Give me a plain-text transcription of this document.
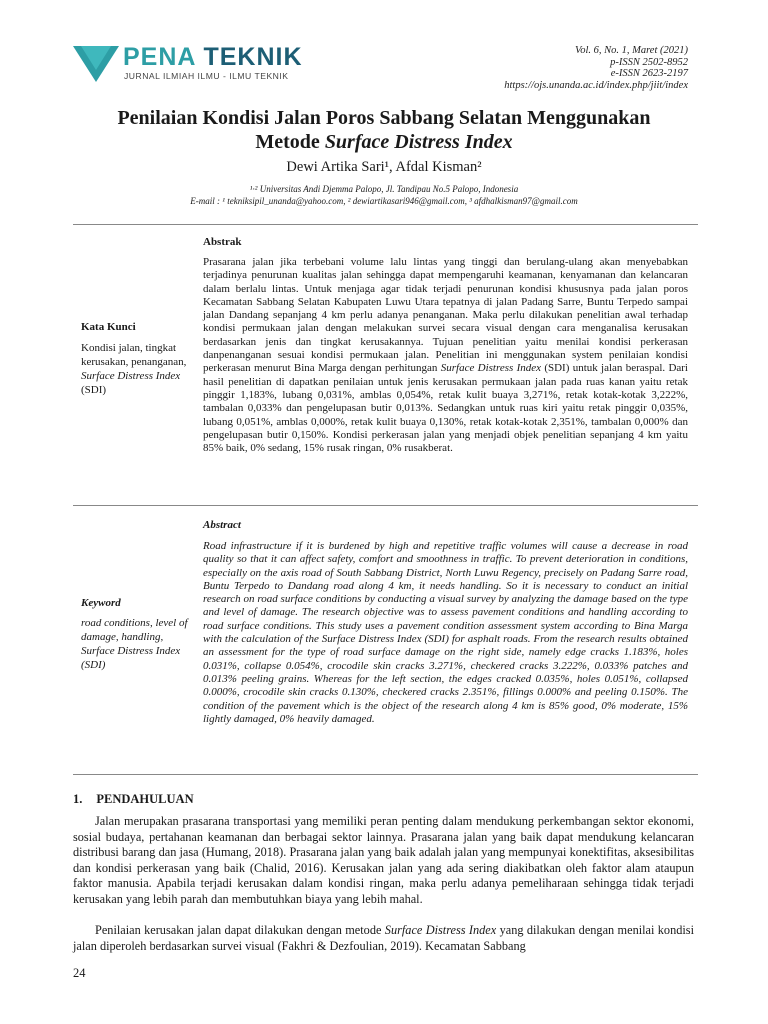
PENA TEKNIK
JURNAL ILMIAH ILMU - ILMU TEKNIK
Vol. 6, No. 1, Maret (2021)
p-ISSN 2502-8952
e-ISSN 2623-2197
https://ojs.unanda.ac.id/index.php/jiit/index
Penilaian Kondisi Jalan Poros Sabbang Selatan Menggunakan
Metode Surface Distress Index
Dewi Artika Sari¹, Afdal Kisman²
¹·² Universitas Andi Djemma Palopo, Jl. Tandipau No.5 Palopo, Indonesia
E-mail : ¹ tekniksipil_unanda@yahoo.com, ² dewiartikasari946@gmail.com, ³ afdhalkisman97@gmail.com
Abstrak

Prasarana jalan jika terbebani volume lalu lintas yang tinggi dan berulang-ulang akan menyebabkan terjadinya penurunan kualitas jalan sehingga dapat mempengaruhi keamanan, kenyamanan dan kelancaran dalam berlalu lintas. Untuk menjaga agar tidak terjadi penurunan kondisi khususnya pada jalan poros Kecamatan Sabbang Selatan Kabupaten Luwu Utara tepatnya di jalan Padang Sarre, Buntu Terpedo sampai jalan Dandang sepanjang 4 km perlu adanya penanganan. Maka perlu dilakukan penelitian awal terhadap kondisi permukaan jalan dengan melakukan survei secara visual dengan cara menganalisa kerusakan berdasarkan jenis dan tingkat kerusakannya. Tujuan penelitian yaitu menilai kondisi perkerasan danpenanganan sesuai kondisi permukaan jalan. Penelitian ini menggunakan system penilaian kondisi perkerasan menurut Bina Marga dengan perhitungan Surface Distress Index (SDI) untuk jalan beraspal. Dari hasil penelitian di dapatkan penilaian untuk jenis kerusakan permukaan jalan pada ruas kanan yaitu retak pinggir 1,183%, lubang 0,031%, amblas 0,054%, retak kulit buaya 3,271%, retak kotak-kotak 3,222%, tambalan 0,033% dan pengelupasan butir 0,013%. Sedangkan untuk ruas kiri yaitu retak pinggir 0,035%, lubang 0,051%, amblas 0,000%, retak kulit buaya 0,130%, retak kotak-kotak 2,351%, tambalan 0,000% dan pengelupasan butir 0,150%. Kondisi perkerasan jalan yang menjadi objek penelitian sepanjang 4 km yaitu 85% baik, 0% sedang, 15% rusak ringan, 0% rusakberat.

Kata Kunci
Kondisi jalan, tingkat kerusakan, penanganan, Surface Distress Index (SDI)
Abstract

Road infrastructure if it is burdened by high and repetitive traffic volumes will cause a decrease in road quality so that it can affect safety, comfort and smoothness in traffic. To prevent deterioration in conditions, especially on the axis road of South Sabbang District, North Luwu Regency, precisely on Padang Sarre road, Buntu Terpedo to Dandang road along 4 km, it needs handling. So it is necessary to conduct an initial research on road surface conditions by conducting a visual survey by analyzing the damage based on the type and level of damage. The research objective was to assess pavement conditions and handling according to road surface conditions. This study uses a pavement condition assessment system according to Bina Marga with the calculation of the Surface Distress Index (SDI) for asphalt roads. From the research results obtained an assessment for the type of road surface damage on the right side, namely edge cracks 1.183%, holes 0.031%, collapse 0.054%, crocodile skin cracks 3.271%, checkered cracks 3.222%, 0.033% patches and 0.013% peeling grains. Whereas for the left section, the edges cracked 0.035%, holes 0.051%, collapsed 0.000%, crocodile skin cracks 0.130%, checkered cracks 2.351%, fillings 0.000% and peeling 0.150%. The condition of the pavement which is the object of the research along 4 km is 85% good, 0% moderate, 15% lightly damaged, 0% heavily damaged.

Keyword
road conditions, level of damage, handling, Surface Distress Index (SDI)
1. PENDAHULUAN

Jalan merupakan prasarana transportasi yang memiliki peran penting dalam mendukung perkembangan sektor ekonomi, sosial budaya, pertahanan keamanan dan berbagai sektor lainnya. Prasarana jalan yang baik dapat mendukung kelancaran distribusi barang dan jasa (Humang, 2018). Prasarana jalan yang baik adalah jalan yang mempunyai konektifitas, aksesibilitas dan kondisi perkerasan yang baik (Chalid, 2016). Kerusakan jalan yang ada sering diakibatkan oleh faktor alam ataupun faktor manusia. Apabila terjadi kerusakan dalam kondisi ringan, maka perlu adanya pemeliharaan sehingga tidak terjadi kerusakan yang lebih parah dan membutuhkan biaya yang lebih mahal.

Penilaian kerusakan jalan dapat dilakukan dengan metode Surface Distress Index yang dilakukan dengan menilai kondisi jalan diperoleh berdasarkan survei visual (Fakhri & Dezfoulian, 2019). Kecamatan Sabbang

24
